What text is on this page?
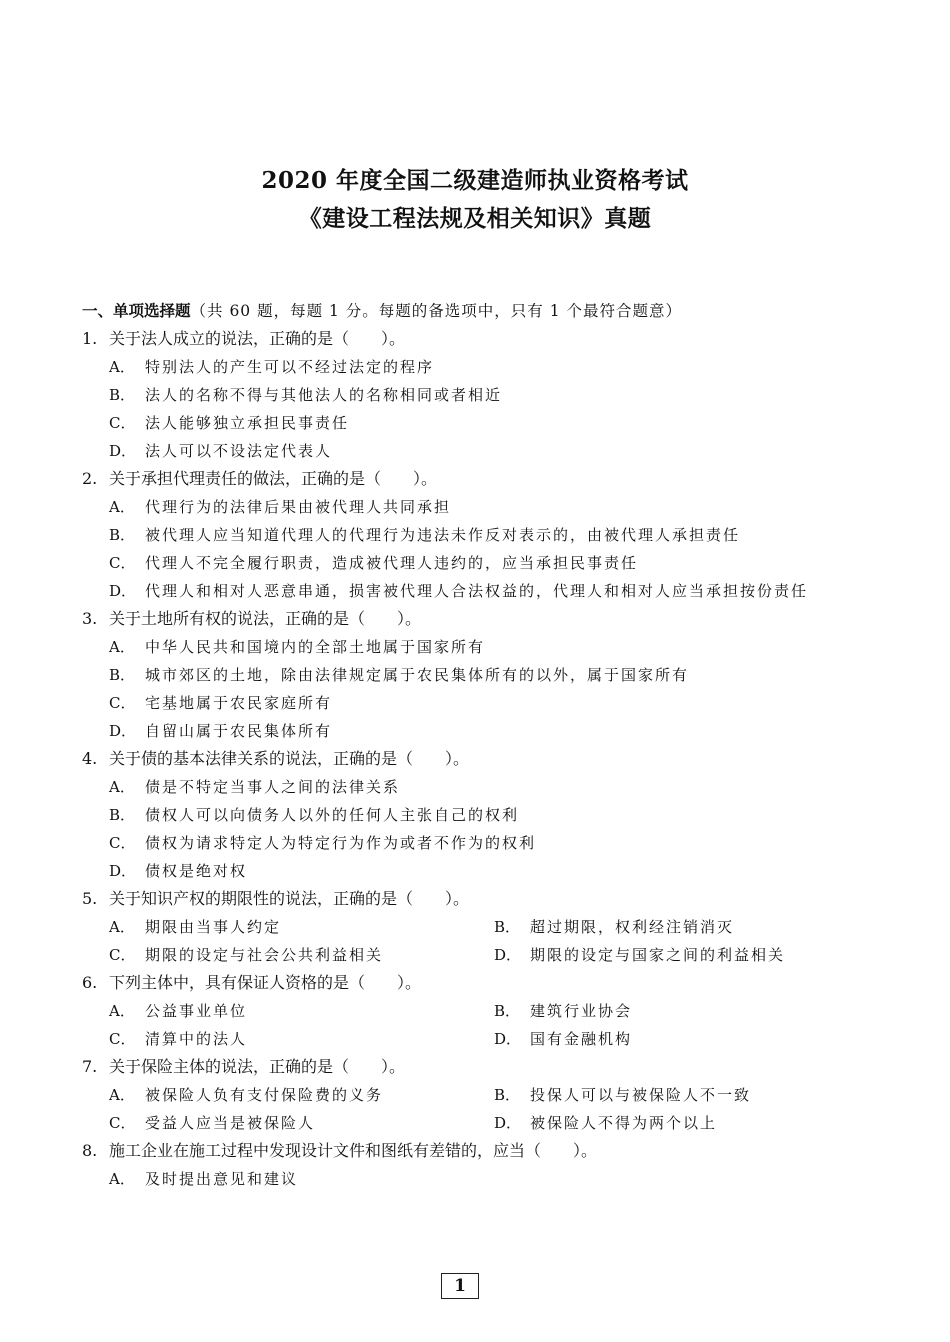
2020 年度全国二级建造师执业资格考试
《建设工程法规及相关知识》真题
一、单项选择题（共 60 题，每题 1 分。每题的备选项中，只有 1 个最符合题意）
1. 关于法人成立的说法，正确的是（　　）。
A． 特别法人的产生可以不经过法定的程序
B． 法人的名称不得与其他法人的名称相同或者相近
C． 法人能够独立承担民事责任
D． 法人可以不设法定代表人
2. 关于承担代理责任的做法，正确的是（　　）。
A． 代理行为的法律后果由被代理人共同承担
B． 被代理人应当知道代理人的代理行为违法未作反对表示的，由被代理人承担责任
C． 代理人不完全履行职责，造成被代理人违约的，应当承担民事责任
D． 代理人和相对人恶意串通，损害被代理人合法权益的，代理人和相对人应当承担按份责任
3. 关于土地所有权的说法，正确的是（　　）。
A． 中华人民共和国境内的全部土地属于国家所有
B． 城市郊区的土地，除由法律规定属于农民集体所有的以外，属于国家所有
C． 宅基地属于农民家庭所有
D． 自留山属于农民集体所有
4. 关于债的基本法律关系的说法，正确的是（　　）。
A． 债是不特定当事人之间的法律关系
B． 债权人可以向债务人以外的任何人主张自己的权利
C． 债权为请求特定人为特定行为作为或者不作为的权利
D． 债权是绝对权
5. 关于知识产权的期限性的说法，正确的是（　　）。
A． 期限由当事人约定	B． 超过期限，权利经注销消灭
C． 期限的设定与社会公共利益相关	D． 期限的设定与国家之间的利益相关
6. 下列主体中，具有保证人资格的是（　　）。
A． 公益事业单位	B． 建筑行业协会
C． 清算中的法人	D． 国有金融机构
7. 关于保险主体的说法，正确的是（　　）。
A． 被保险人负有支付保险费的义务	B． 投保人可以与被保险人不一致
C． 受益人应当是被保险人	D． 被保险人不得为两个以上
8. 施工企业在施工过程中发现设计文件和图纸有差错的，应当（　　）。
A． 及时提出意见和建议
1
